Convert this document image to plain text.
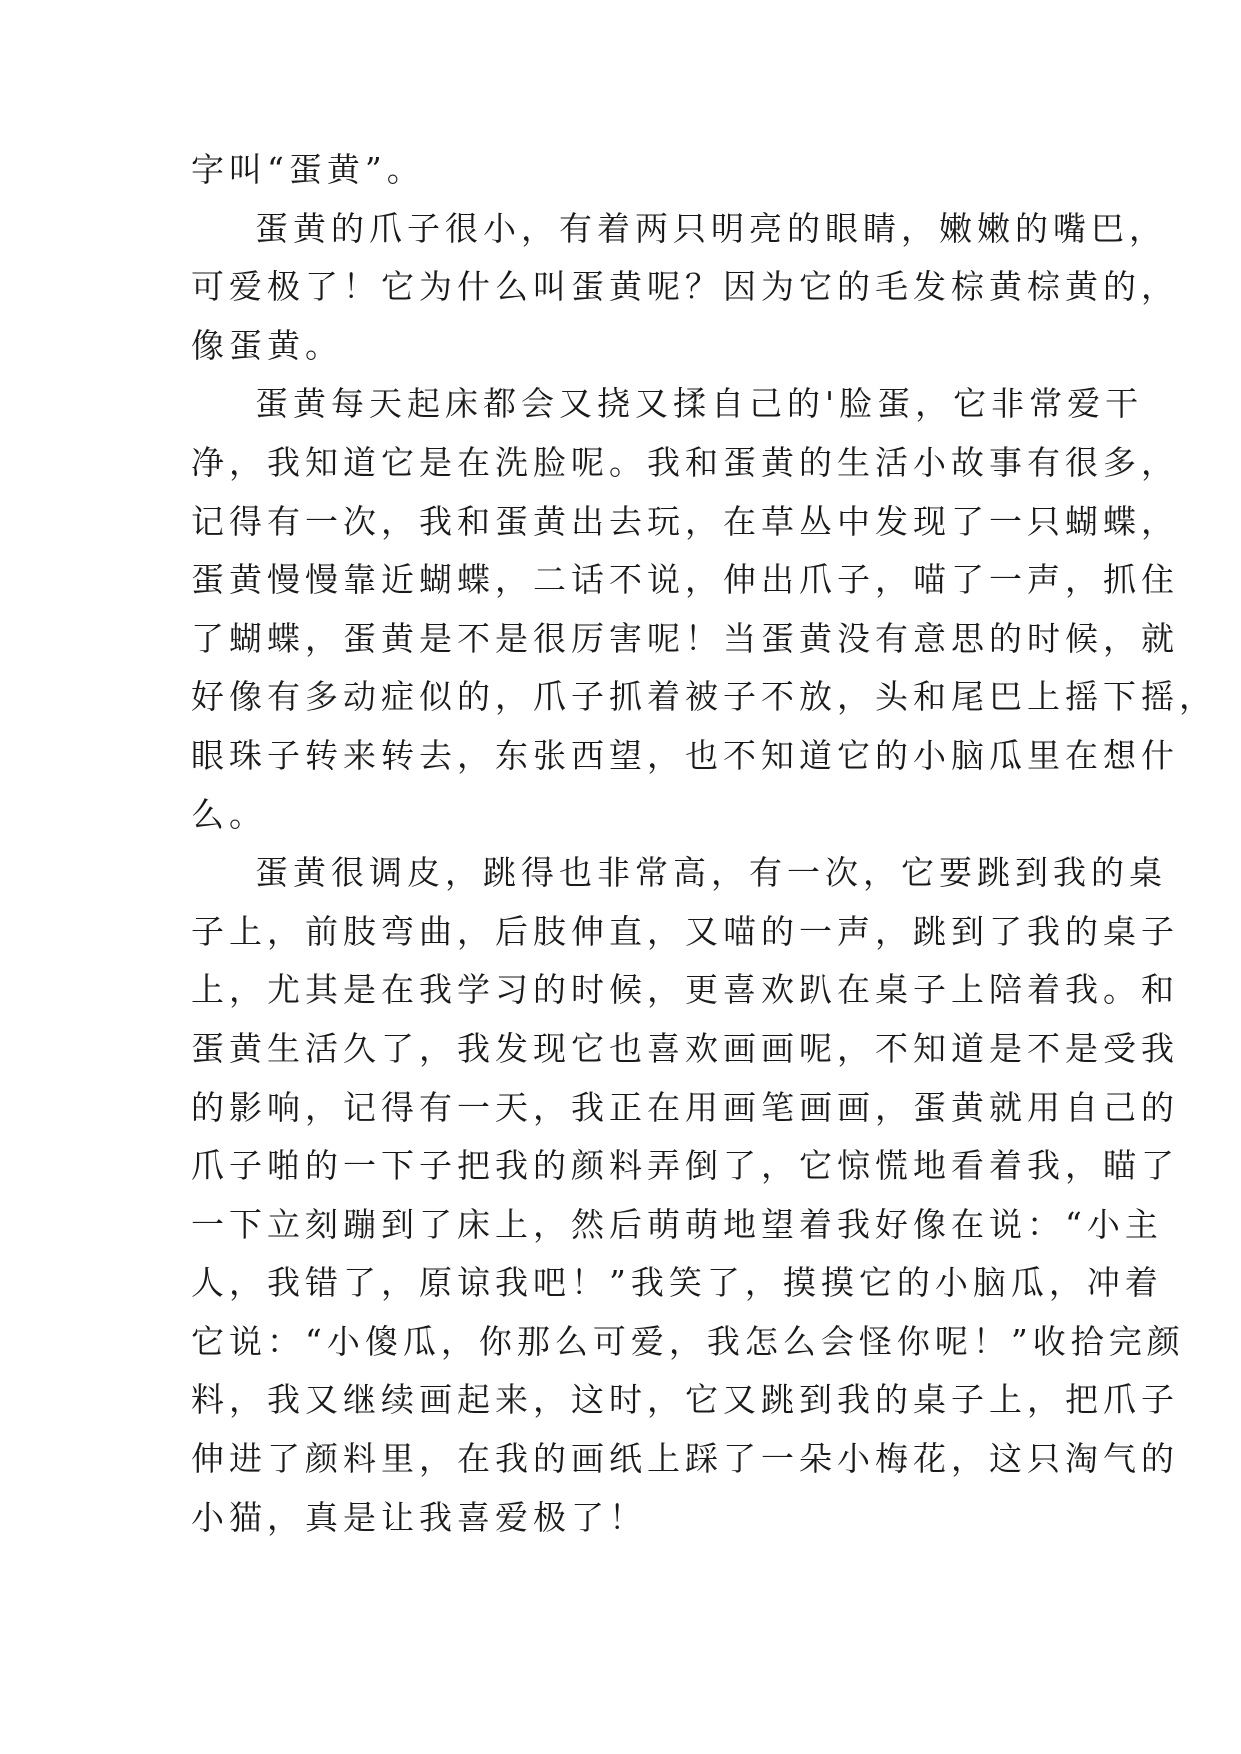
字叫“蛋黄”。
蛋黄的爪子很小，有着两只明亮的眼睛，嫩嫩的嘴巴，
可爱极了！它为什么叫蛋黄呢？因为它的毛发棕黄棕黄的，
像蛋黄。
蛋黄每天起床都会又挠又揉自己的'脸蛋，它非常爱干
净，我知道它是在洗脸呢。我和蛋黄的生活小故事有很多，
记得有一次，我和蛋黄出去玩，在草丛中发现了一只蝴蝶，
蛋黄慢慢靠近蝴蝶，二话不说，伸出爪子，喵了一声，抓住
了蝴蝶，蛋黄是不是很厉害呢！当蛋黄没有意思的时候，就
好像有多动症似的，爪子抓着被子不放，头和尾巴上摇下摇，
眼珠子转来转去，东张西望，也不知道它的小脑瓜里在想什
么。
蛋黄很调皮，跳得也非常高，有一次，它要跳到我的桌
子上，前肢弯曲，后肢伸直，又喵的一声，跳到了我的桌子
上，尤其是在我学习的时候，更喜欢趴在桌子上陪着我。和
蛋黄生活久了，我发现它也喜欢画画呢，不知道是不是受我
的影响，记得有一天，我正在用画笔画画，蛋黄就用自己的
爪子啪的一下子把我的颜料弄倒了，它惊慌地看着我，瞄了
一下立刻蹦到了床上，然后萌萌地望着我好像在说：“小主
人，我错了，原谅我吧！”我笑了，摸摸它的小脑瓜，冲着
它说：“小傻瓜，你那么可爱，我怎么会怪你呢！”收拾完颜
料，我又继续画起来，这时，它又跳到我的桌子上，把爪子
伸进了颜料里，在我的画纸上踩了一朵小梅花，这只淘气的
小猫，真是让我喜爱极了！
